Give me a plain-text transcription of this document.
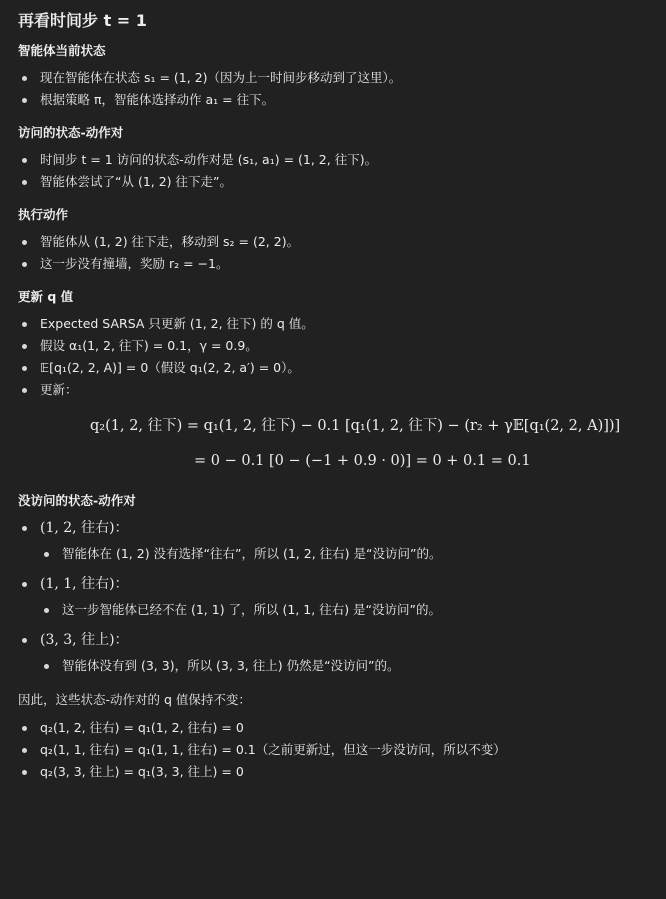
再看时间步 t = 1
智能体当前状态
现在智能体在状态 s₁ = (1, 2)（因为上一时间步移动到了这里）。
根据策略 π，智能体选择动作 a₁ = 往下。
访问的状态-动作对
时间步 t = 1 访问的状态-动作对是 (s₁, a₁) = (1, 2, 往下)。
智能体尝试了“从 (1, 2) 往下走”。
执行动作
智能体从 (1, 2) 往下走，移动到 s₂ = (2, 2)。
这一步没有撞墙，奖励 r₂ = −1。
更新 q 值
Expected SARSA 只更新 (1, 2, 往下) 的 q 值。
假设 α₁(1, 2, 往下) = 0.1，γ = 0.9。
𝔼[q₁(2, 2, A)] = 0（假设 q₁(2, 2, a′) = 0）。
更新：
q₂(1, 2, 往下) = q₁(1, 2, 往下) − 0.1 [q₁(1, 2, 往下) − (r₂ + γ𝔼[q₁(2, 2, A)])]
= 0 − 0.1 [0 − (−1 + 0.9 · 0)] = 0 + 0.1 = 0.1
没访问的状态-动作对
(1, 2, 往右)：
智能体在 (1, 2) 没有选择“往右”，所以 (1, 2, 往右) 是“没访问”的。
(1, 1, 往右)：
这一步智能体已经不在 (1, 1) 了，所以 (1, 1, 往右) 是“没访问”的。
(3, 3, 往上)：
智能体没有到 (3, 3)，所以 (3, 3, 往上) 仍然是“没访问”的。
因此，这些状态-动作对的 q 值保持不变：
q₂(1, 2, 往右) = q₁(1, 2, 往右) = 0
q₂(1, 1, 往右) = q₁(1, 1, 往右) = 0.1（之前更新过，但这一步没访问，所以不变）
q₂(3, 3, 往上) = q₁(3, 3, 往上) = 0
